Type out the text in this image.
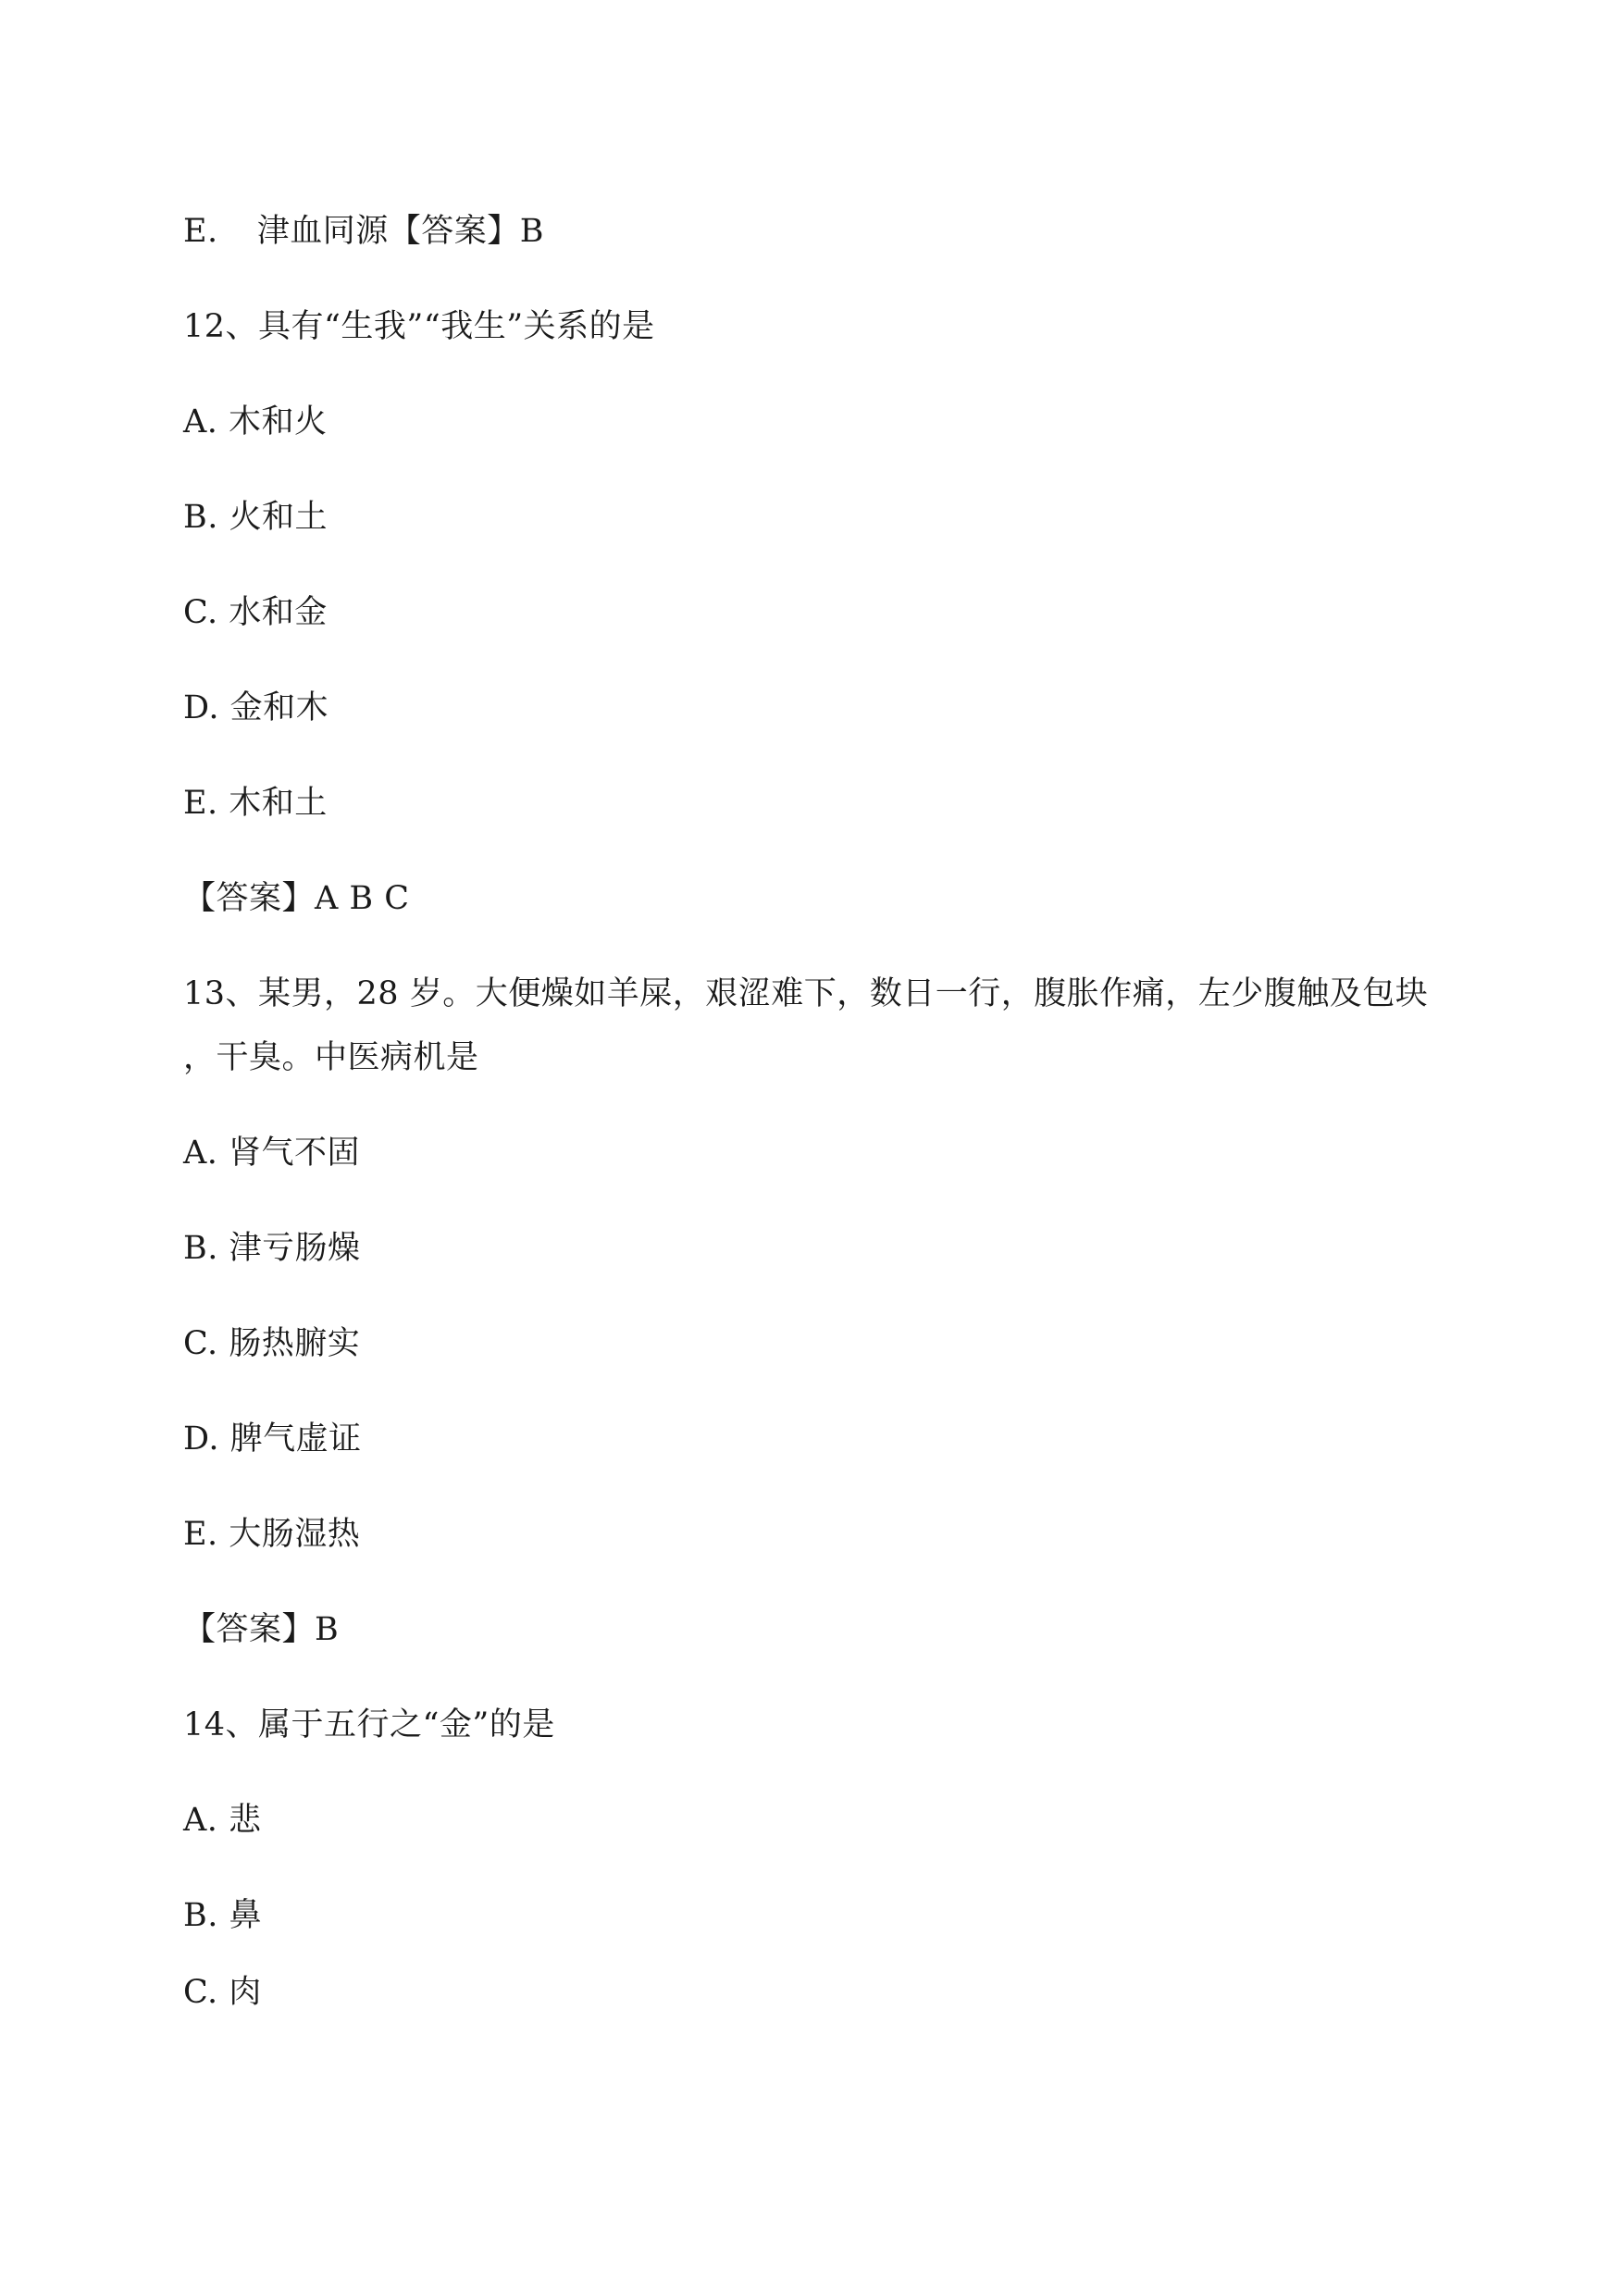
E. 津血同源【答案】B
12、具有“生我”“我生”关系的是
A. 木和火
B. 火和土
C. 水和金
D. 金和木
E. 木和土
【答案】A B C
13、某男，28 岁。大便燥如羊屎，艰涩难下，数日一行，腹胀作痛，左少腹触及包块
，干臭。中医病机是
A. 肾气不固
B. 津亏肠燥
C. 肠热腑实
D. 脾气虚证
E. 大肠湿热
【答案】B
14、属于五行之“金”的是
A. 悲
B. 鼻
C. 肉
